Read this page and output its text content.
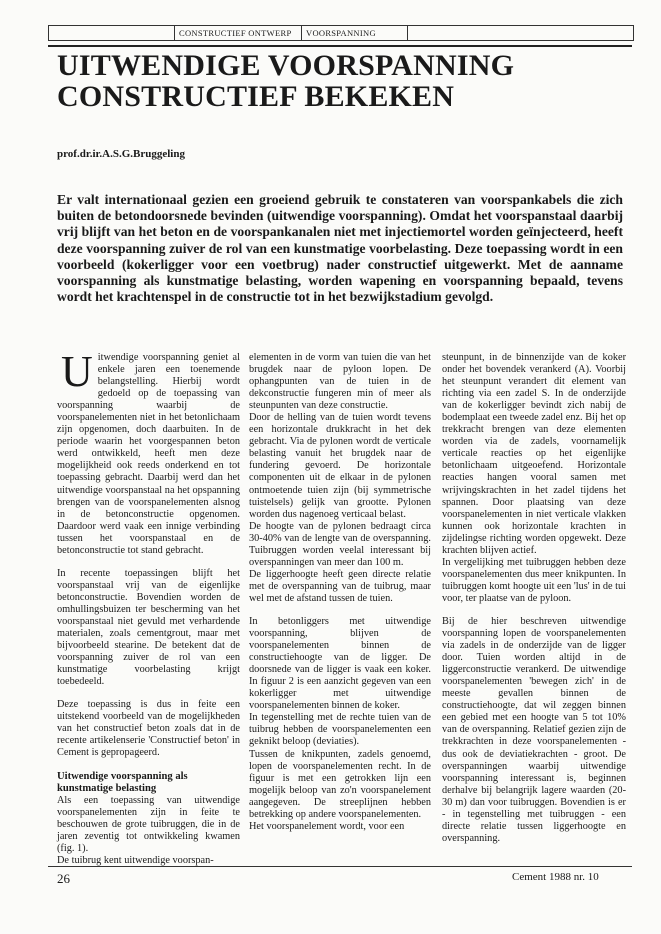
CONSTRUCTIEF ONTWERP	VOORSPANNING
UITWENDIGE VOORSPANNING
CONSTRUCTIEF BEKEKEN
prof.dr.ir.A.S.G.Bruggeling

Er valt internationaal gezien een groeiend gebruik te constateren van voorspankabels die zich buiten de betondoorsnede bevinden (uitwendige voorspanning). Omdat het voorspanstaal daarbij vrij blijft van het beton en de voorspankanalen niet met injectiemortel worden geïnjecteerd, heeft deze voorspanning zuiver de rol van een kunstmatige voorbelasting. Deze toepassing wordt in een voorbeeld (kokerligger voor een voetbrug) nader constructief uitgewerkt. Met de aanname voorspanning als kunstmatige belasting, worden wapening en voorspanning bepaald, tevens wordt het krachtenspel in de constructie tot in het bezwijkstadium gevolgd.

Uitwendige voorspanning geniet al enkele jaren een toenemende belangstelling. Hierbij wordt gedoeld op de toepassing van voorspanning waarbij de voorspanelementen niet in het betonlichaam zijn opgenomen, doch daarbuiten. In de periode waarin het voorgespannen beton werd ontwikkeld, heeft men deze mogelijkheid ook reeds onderkend en tot toepassing gebracht. Daarbij werd dan het uitwendige voorspanstaal na het opspanning brengen van de voorspanelementen alsnog in de betonconstructie opgenomen. Daardoor werd vaak een innige verbinding tussen het voorspanstaal en de betonconstructie tot stand gebracht.

In recente toepassingen blijft het voorspanstaal vrij van de eigenlijke betonconstructie. Bovendien worden de omhullingsbuizen ter bescherming van het voorspanstaal niet gevuld met verhardende materialen, zoals cementgrout, maar met bijvoorbeeld stearine. De betekent dat de voorspanning zuiver de rol van een kunstmatige voorbelasting krijgt toebedeeld.

Deze toepassing is dus in feite een uitstekend voorbeeld van de mogelijkheden van het constructief beton zoals dat in de recente artikelenserie 'Constructief beton' in Cement is gepropageerd.

Uitwendige voorspanning als kunstmatige belasting

Als een toepassing van uitwendige voorspanelementen zijn in feite te beschouwen de grote tuibruggen, die in de jaren zeventig tot ontwikkeling kwamen (fig. 1).

De tuibrug kent uitwendige voorspan-

elementen in de vorm van tuien die van het brugdek naar de pyloon lopen. De ophangpunten van de tuien in de dekconstructie fungeren min of meer als steunpunten van deze constructie.

Door de helling van de tuien wordt tevens een horizontale drukkracht in het dek gebracht. Via de pylonen wordt de verticale belasting vanuit het brugdek naar de fundering gevoerd. De horizontale componenten uit de elkaar in de pylonen ontmoetende tuien zijn (bij symmetrische tuistelsels) gelijk van grootte. Pylonen worden dus nagenoeg verticaal belast.

De hoogte van de pylonen bedraagt circa 30-40% van de lengte van de overspanning. Tuibruggen worden veelal interessant bij overspanningen van meer dan 100 m.

De liggerhoogte heeft geen directe relatie met de overspanning van de tuibrug, maar wel met de afstand tussen de tuien.

In betonliggers met uitwendige voorspanning, blijven de voorspanelementen binnen de constructiehoogte van de ligger. De doorsnede van de ligger is vaak een koker. In figuur 2 is een aanzicht gegeven van een kokerligger met uitwendige voorspanelementen binnen de koker.

In tegenstelling met de rechte tuien van de tuibrug hebben de voorspanelementen een geknikt beloop (deviaties).

Tussen de knikpunten, zadels genoemd, lopen de voorspanelementen recht. In de figuur is met een getrokken lijn een mogelijk beloop van zo'n voorspanelement aangegeven. De streeplijnen hebben betrekking op andere voorspanelementen.

Het voorspanelement wordt, voor een

steunpunt, in de binnenzijde van de koker onder het bovendek verankerd (A). Voorbij het steunpunt verandert dit element van richting via een zadel S. In de onderzijde van de kokerligger bevindt zich nabij de bodemplaat een tweede zadel enz. Bij het op trekkracht brengen van deze elementen worden via de zadels, voornamelijk verticale reacties op het eigenlijke betonlichaam uitgeoefend. Horizontale reacties hangen vooral samen met wrijvingskrachten in het zadel tijdens het spannen. Door plaatsing van deze voorspanelementen in niet verticale vlakken kunnen ook horizontale krachten in zijdelingse richting worden opgewekt. Deze krachten blijven actief.

In vergelijking met tuibruggen hebben deze voorspanelementen dus meer knikpunten. In tuibruggen komt hoogte uit een 'lus' in de tui voor, ter plaatse van de pyloon.

Bij de hier beschreven uitwendige voorspanning lopen de voorspanelementen via zadels in de onderzijde van de ligger door. Tuien worden altijd in de liggerconstructie verankerd. De uitwendige voorspanelementen 'bewegen zich' in de meeste gevallen binnen de constructiehoogte, dat wil zeggen binnen een gebied met een hoogte van 5 tot 10% van de overspanning. Relatief gezien zijn de trekkrachten in deze voorspanelementen - dus ook de deviatiekrachten - groot. De overspanningen waarbij uitwendige voorspanning interessant is, beginnen derhalve bij belangrijk lagere waarden (20-30 m) dan voor tuibruggen. Bovendien is er - in tegenstelling met tuibruggen - een directe relatie tussen liggerhoogte en overspanning.

26	Cement 1988 nr. 10
